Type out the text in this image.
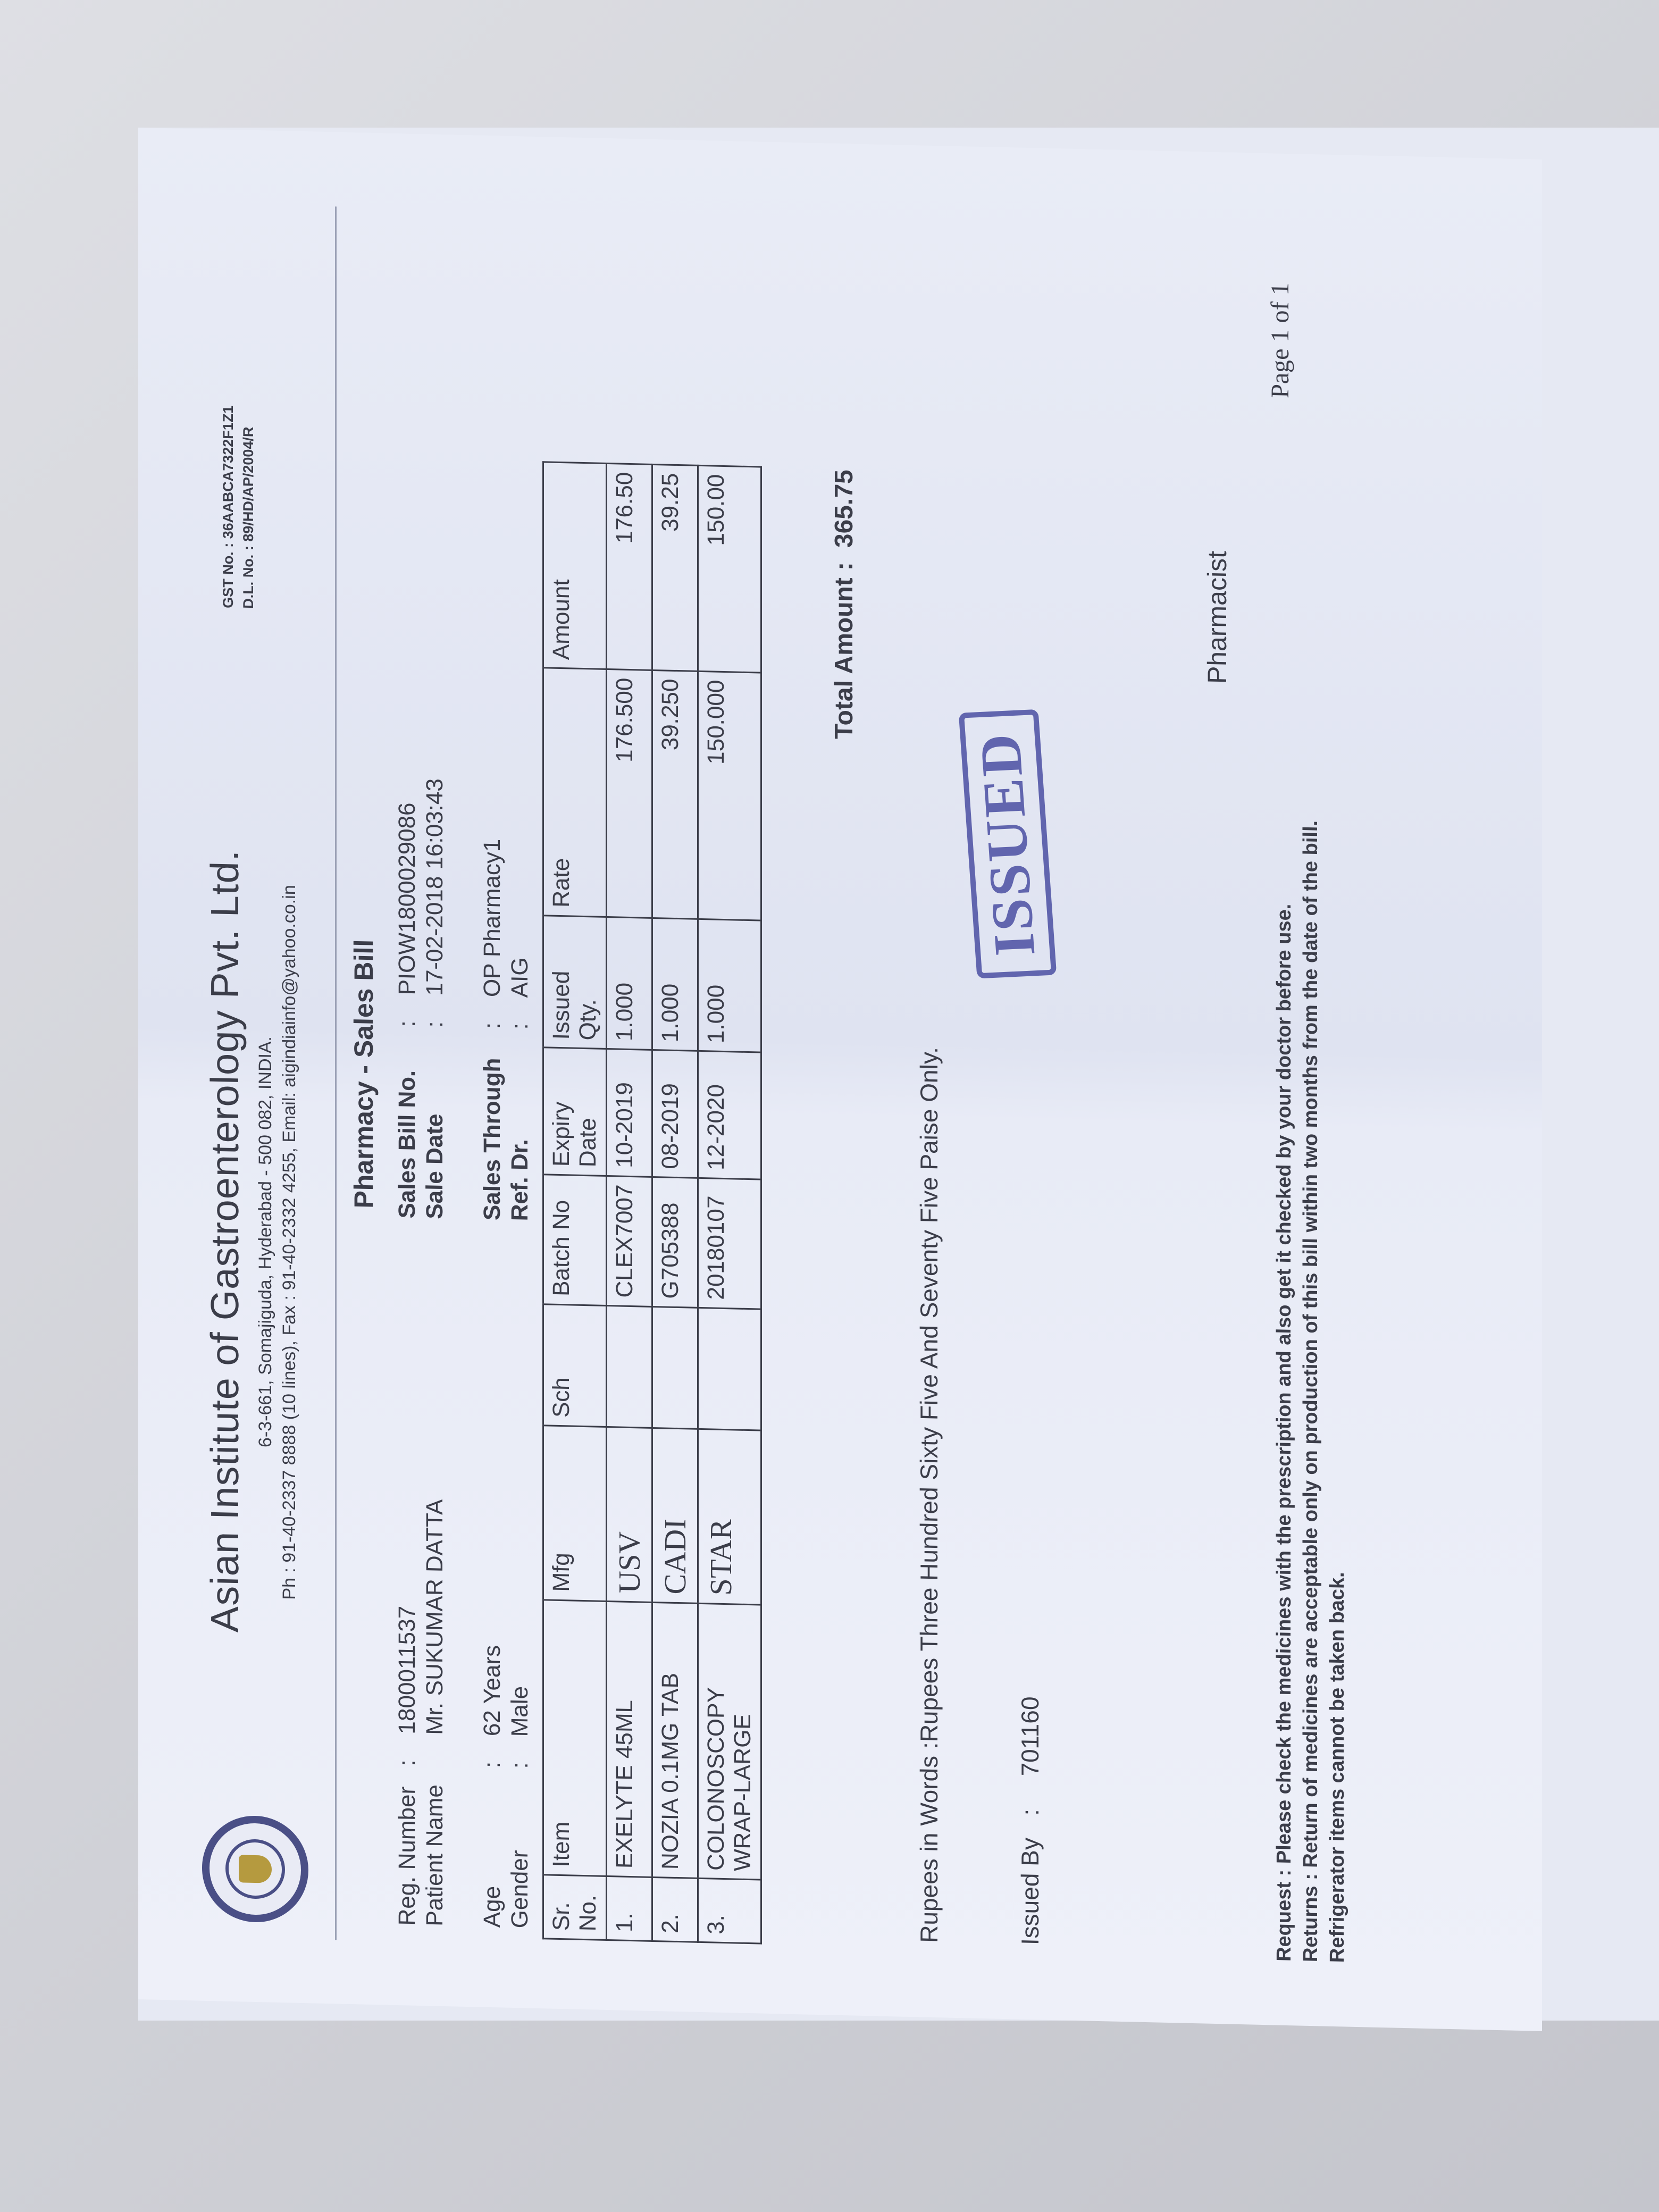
Asian Institute of Gastroenterology Pvt. Ltd. 6-3-661, Somajiguda, Hyderabad - 500 082, INDIA. Ph : 91-40-2337 8888 (10 lines), Fax : 91-40-2332 4255, Email: aigindiainfo@yahoo.co.in
GST No. : 36AABCA7322F1Z1 D.L. No. : 89/HD/AP/2004/R
Pharmacy - Sales Bill
Reg. Number:1800011537
Patient NameMr. SUKUMAR DATTA
Age:62 Years
Gender:Male
Sales Bill No.:PIOW1800029086
Sale Date:17-02-2018 16:03:43
Sales Through:OP Pharmacy1
Ref. Dr.:AIG
Sr. No.	Item	Mfg	Sch	Batch No	Expiry Date	Issued Qty.	Rate	Amount
1.	EXELYTE 45ML	USV		CLEX7007	10-2019	1.000	176.500	176.50
2.	NOZIA 0.1MG TAB	CADI		G705388	08-2019	1.000	39.250	39.25
3.	COLONOSCOPY WRAP-LARGE	STAR		20180107	12-2020	1.000	150.000	150.00
Total Amount :
365.75
Rupees in Words :Rupees Three Hundred Sixty Five And Seventy Five Paise Only.	Issued By : 701160
ISSUED
Pharmacist
Page 1 of 1
Request : Please check the medicines with the prescription and also get it checked by your doctor before use. Returns : Return of medicines are acceptable only on production of this bill within two months from the date of the bill. Refrigerator items cannot be taken back.
